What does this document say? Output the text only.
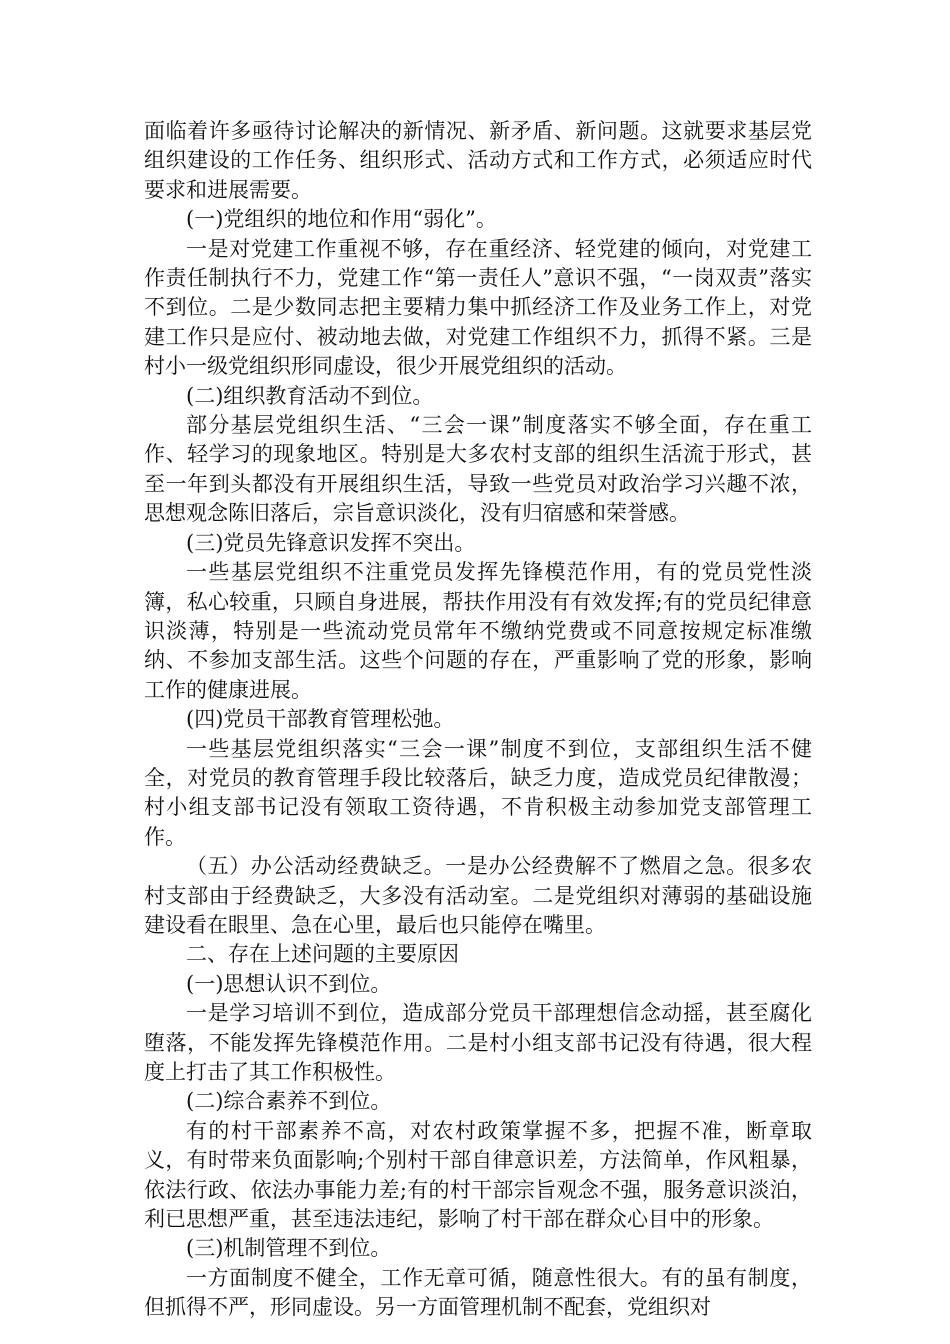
面临着许多亟待讨论解决的新情况、新矛盾、新问题。这就要求基层党组织建设的工作任务、组织形式、活动方式和工作方式，必须适应时代要求和进展需要。

(一)党组织的地位和作用“弱化”。

一是对党建工作重视不够，存在重经济、轻党建的倾向，对党建工作责任制执行不力，党建工作“第一责任人”意识不强，“一岗双责”落实不到位。二是少数同志把主要精力集中抓经济工作及业务工作上，对党建工作只是应付、被动地去做，对党建工作组织不力，抓得不紧。三是村小一级党组织形同虚设，很少开展党组织的活动。

(二)组织教育活动不到位。

部分基层党组织生活、“三会一课”制度落实不够全面，存在重工作、轻学习的现象地区。特别是大多农村支部的组织生活流于形式，甚至一年到头都没有开展组织生活，导致一些党员对政治学习兴趣不浓，思想观念陈旧落后，宗旨意识淡化，没有归宿感和荣誉感。

(三)党员先锋意识发挥不突出。

一些基层党组织不注重党员发挥先锋模范作用，有的党员党性淡簿，私心较重，只顾自身进展，帮扶作用没有有效发挥;有的党员纪律意识淡薄，特别是一些流动党员常年不缴纳党费或不同意按规定标准缴纳、不参加支部生活。这些个问题的存在，严重影响了党的形象，影响工作的健康进展。

(四)党员干部教育管理松弛。

一些基层党组织落实“三会一课”制度不到位，支部组织生活不健全，对党员的教育管理手段比较落后，缺乏力度，造成党员纪律散漫；村小组支部书记没有领取工资待遇，不肯积极主动参加党支部管理工作。

（五）办公活动经费缺乏。一是办公经费解不了燃眉之急。很多农村支部由于经费缺乏，大多没有活动室。二是党组织对薄弱的基础设施建设看在眼里、急在心里，最后也只能停在嘴里。

二、存在上述问题的主要原因

(一)思想认识不到位。

一是学习培训不到位，造成部分党员干部理想信念动摇，甚至腐化堕落，不能发挥先锋模范作用。二是村小组支部书记没有待遇，很大程度上打击了其工作积极性。

(二)综合素养不到位。

有的村干部素养不高，对农村政策掌握不多，把握不准，断章取义，有时带来负面影响;个别村干部自律意识差，方法简单，作风粗暴，依法行政、依法办事能力差;有的村干部宗旨观念不强，服务意识淡泊，利已思想严重，甚至违法违纪，影响了村干部在群众心目中的形象。

(三)机制管理不到位。

一方面制度不健全，工作无章可循，随意性很大。有的虽有制度，但抓得不严，形同虚设。另一方面管理机制不配套，党组织对
